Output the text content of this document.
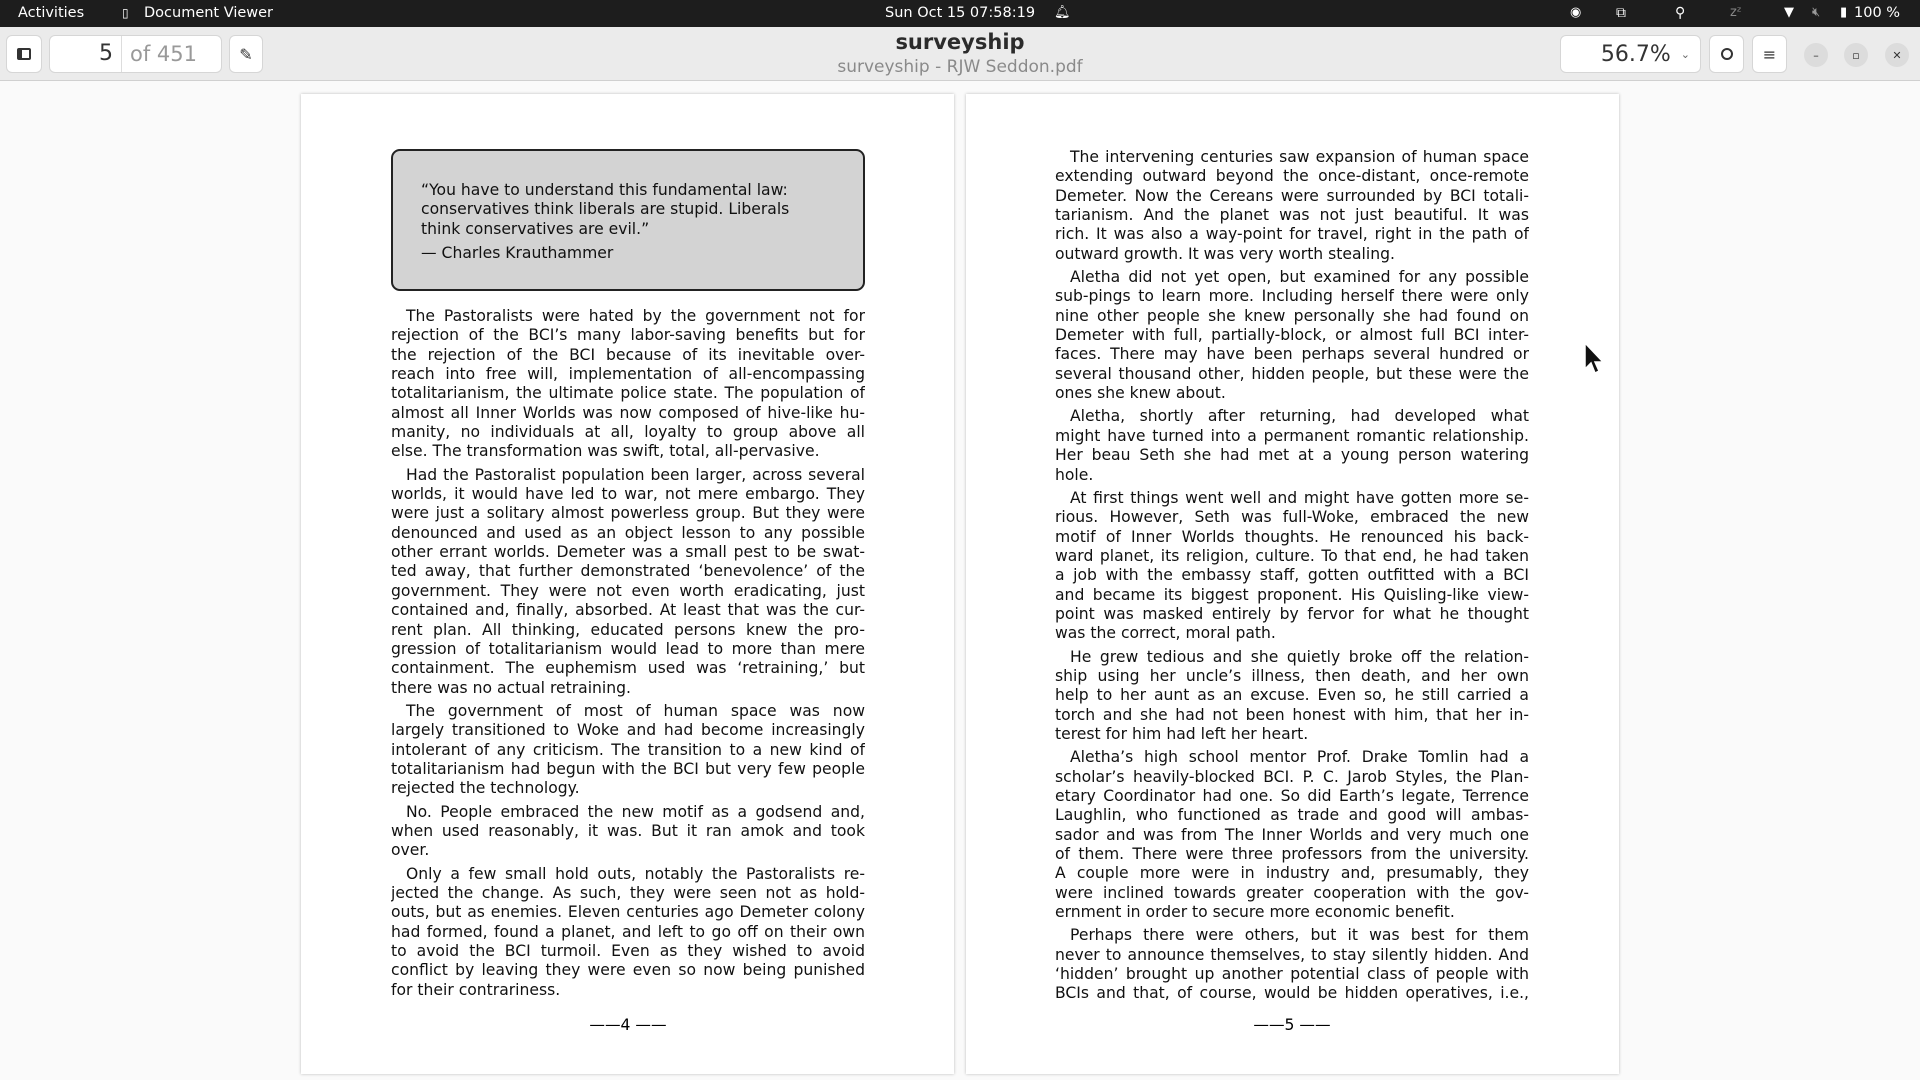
Activities	▯ Document Viewer	Sun Oct 15 07:58:19 🔔︎	◉ ⧉	⚲	zᶻ	▼ 🔇︎ ▮ 100 %
5 of 451	✎	surveyship
surveyship - RJW Seddon.pdf
56.7% ⌄	≡	–	▫	✕
“You have to understand this fundamental law:
conservatives think liberals are stupid. Liberals
think conservatives are evil.”
— Charles Krauthammer
The Pastoralists were hated by the government not for
rejection of the BCI’s many labor-saving benefits but for
the rejection of the BCI because of its inevitable over-
reach into free will, implementation of all-encompassing
totalitarianism, the ultimate police state. The population of
almost all Inner Worlds was now composed of hive-like hu-
manity, no individuals at all, loyalty to group above all
else. The transformation was swift, total, all-pervasive.
Had the Pastoralist population been larger, across several
worlds, it would have led to war, not mere embargo. They
were just a solitary almost powerless group. But they were
denounced and used as an object lesson to any possible
other errant worlds. Demeter was a small pest to be swat-
ted away, that further demonstrated ‘benevolence’ of the
government. They were not even worth eradicating, just
contained and, finally, absorbed. At least that was the cur-
rent plan. All thinking, educated persons knew the pro-
gression of totalitarianism would lead to more than mere
containment. The euphemism used was ‘retraining,’ but
there was no actual retraining.
The government of most of human space was now
largely transitioned to Woke and had become increasingly
intolerant of any criticism. The transition to a new kind of
totalitarianism had begun with the BCI but very few people
rejected the technology.
No. People embraced the new motif as a godsend and,
when used reasonably, it was. But it ran amok and took
over.
Only a few small hold outs, notably the Pastoralists re-
jected the change. As such, they were seen not as hold-
outs, but as enemies. Eleven centuries ago Demeter colony
had formed, found a planet, and left to go off on their own
to avoid the BCI turmoil. Even as they wished to avoid
conflict by leaving they were even so now being punished
for their contrariness.
——4 ——
The intervening centuries saw expansion of human space
extending outward beyond the once-distant, once-remote
Demeter. Now the Cereans were surrounded by BCI totali-
tarianism. And the planet was not just beautiful. It was
rich. It was also a way-point for travel, right in the path of
outward growth. It was very worth stealing.
Aletha did not yet open, but examined for any possible
sub-pings to learn more. Including herself there were only
nine other people she knew personally she had found on
Demeter with full, partially-block, or almost full BCI inter-
faces. There may have been perhaps several hundred or
several thousand other, hidden people, but these were the
ones she knew about.
Aletha, shortly after returning, had developed what
might have turned into a permanent romantic relationship.
Her beau Seth she had met at a young person watering
hole.
At first things went well and might have gotten more se-
rious. However, Seth was full-Woke, embraced the new
motif of Inner Worlds thoughts. He renounced his back-
ward planet, its religion, culture. To that end, he had taken
a job with the embassy staff, gotten outfitted with a BCI
and became its biggest proponent. His Quisling-like view-
point was masked entirely by fervor for what he thought
was the correct, moral path.
He grew tedious and she quietly broke off the relation-
ship using her uncle’s illness, then death, and her own
help to her aunt as an excuse. Even so, he still carried a
torch and she had not been honest with him, that her in-
terest for him had left her heart.
Aletha’s high school mentor Prof. Drake Tomlin had a
scholar’s heavily-blocked BCI. P. C. Jarob Styles, the Plan-
etary Coordinator had one. So did Earth’s legate, Terrence
Laughlin, who functioned as trade and good will ambas-
sador and was from The Inner Worlds and very much one
of them. There were three professors from the university.
A couple more were in industry and, presumably, they
were inclined towards greater cooperation with the gov-
ernment in order to secure more economic benefit.
Perhaps there were others, but it was best for them
never to announce themselves, to stay silently hidden. And
‘hidden’ brought up another potential class of people with
BCIs and that, of course, would be hidden operatives, i.e.,
——5 ——
